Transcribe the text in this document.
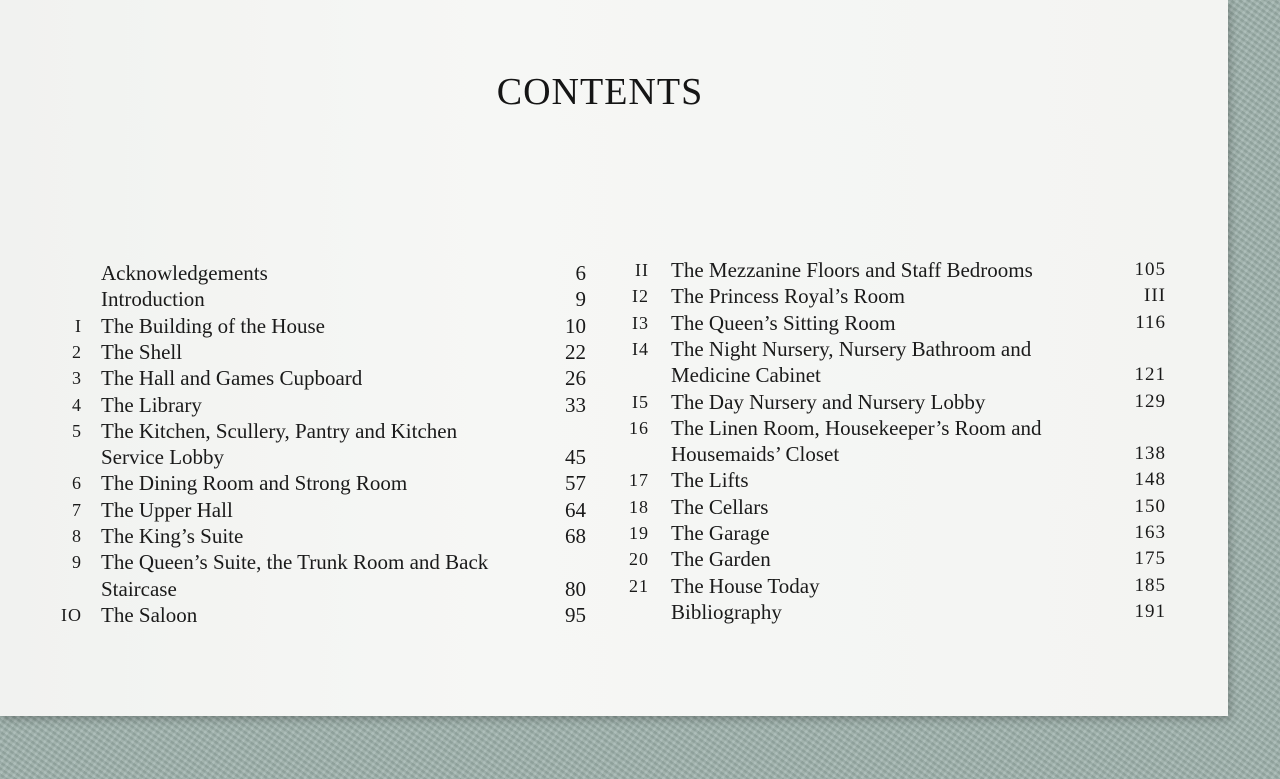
CONTENTS
Acknowledgements	6
Introduction	9
I The Building of the House	10
2 The Shell	22
3 The Hall and Games Cupboard	26
4 The Library	33
5 The Kitchen, Scullery, Pantry and Kitchen
Service Lobby	45
6 The Dining Room and Strong Room	57
7 The Upper Hall	64
8 The King’s Suite	68
9 The Queen’s Suite, the Trunk Room and Back
Staircase	80
IO The Saloon	95
II The Mezzanine Floors and Staff Bedrooms	105
I2 The Princess Royal’s Room	III
I3 The Queen’s Sitting Room	116
I4 The Night Nursery, Nursery Bathroom and
Medicine Cabinet	121
I5 The Day Nursery and Nursery Lobby	129
16 The Linen Room, Housekeeper’s Room and
Housemaids’ Closet	138
17 The Lifts	148
18 The Cellars	150
19 The Garage	163
20 The Garden	175
21 The House Today	185
Bibliography	191
